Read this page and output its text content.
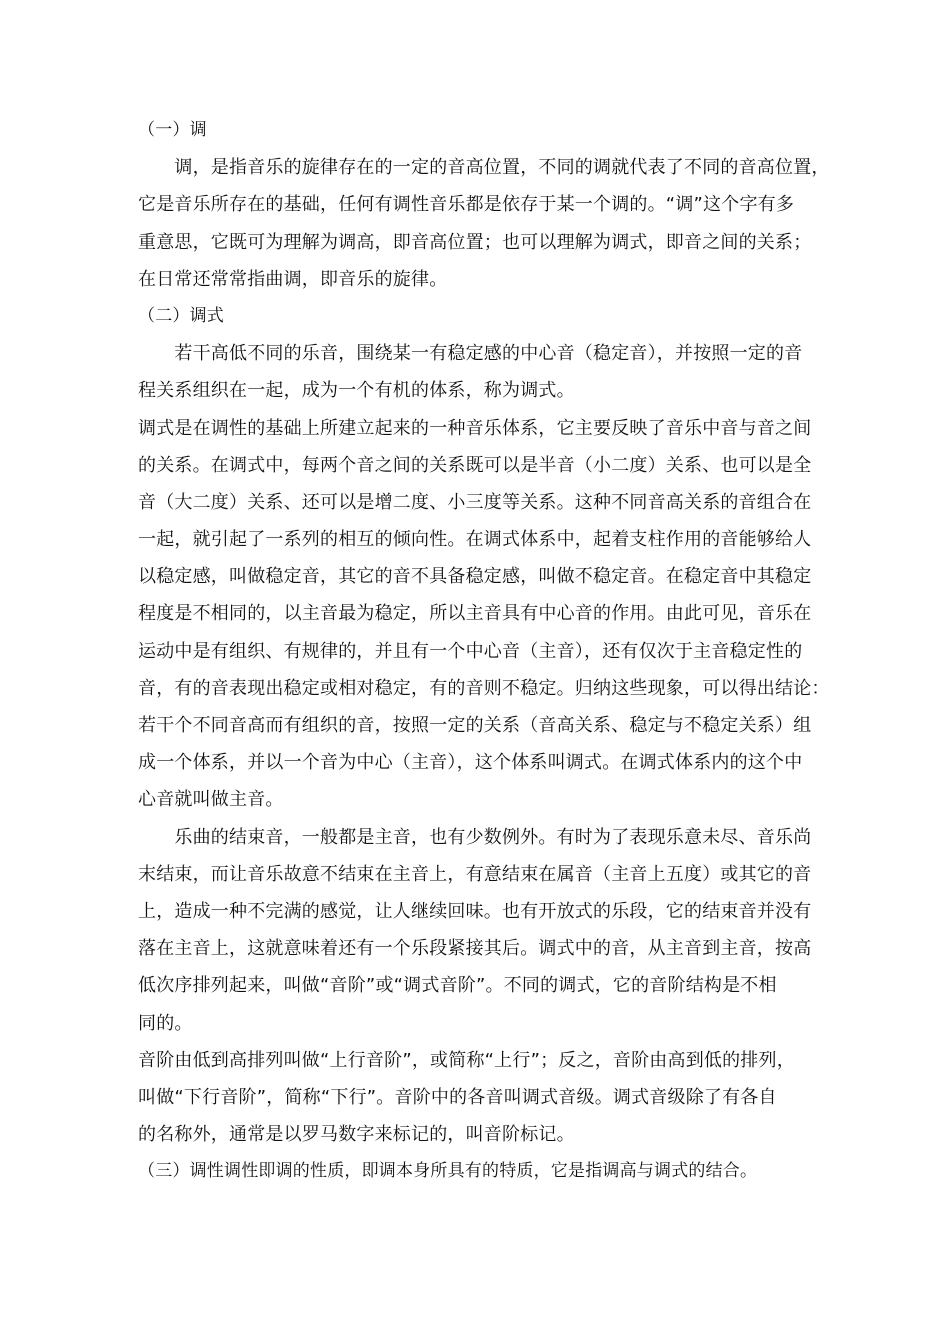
（一）调
　　调，是指音乐的旋律存在的一定的音高位置，不同的调就代表了不同的音高位置，
它是音乐所存在的基础，任何有调性音乐都是依存于某一个调的。“调”这个字有多
重意思，它既可为理解为调高，即音高位置；也可以理解为调式，即音之间的关系；
在日常还常常指曲调，即音乐的旋律。
（二）调式
　　若干高低不同的乐音，围绕某一有稳定感的中心音（稳定音），并按照一定的音
程关系组织在一起，成为一个有机的体系，称为调式。
调式是在调性的基础上所建立起来的一种音乐体系，它主要反映了音乐中音与音之间
的关系。在调式中，每两个音之间的关系既可以是半音（小二度）关系、也可以是全
音（大二度）关系、还可以是增二度、小三度等关系。这种不同音高关系的音组合在
一起，就引起了一系列的相互的倾向性。在调式体系中，起着支柱作用的音能够给人
以稳定感，叫做稳定音，其它的音不具备稳定感，叫做不稳定音。在稳定音中其稳定
程度是不相同的，以主音最为稳定，所以主音具有中心音的作用。由此可见，音乐在
运动中是有组织、有规律的，并且有一个中心音（主音），还有仅次于主音稳定性的
音，有的音表现出稳定或相对稳定，有的音则不稳定。归纳这些现象，可以得出结论：
若干个不同音高而有组织的音，按照一定的关系（音高关系、稳定与不稳定关系）组
成一个体系，并以一个音为中心（主音），这个体系叫调式。在调式体系内的这个中
心音就叫做主音。
　　乐曲的结束音，一般都是主音，也有少数例外。有时为了表现乐意未尽、音乐尚
末结束，而让音乐故意不结束在主音上，有意结束在属音（主音上五度）或其它的音
上，造成一种不完满的感觉，让人继续回味。也有开放式的乐段，它的结束音并没有
落在主音上，这就意味着还有一个乐段紧接其后。调式中的音，从主音到主音，按高
低次序排列起来，叫做“音阶”或“调式音阶”。不同的调式，它的音阶结构是不相
同的。
音阶由低到高排列叫做“上行音阶”，或简称“上行”；反之，音阶由高到低的排列，
叫做“下行音阶”，简称“下行”。音阶中的各音叫调式音级。调式音级除了有各自
的名称外，通常是以罗马数字来标记的，叫音阶标记。
（三）调性调性即调的性质，即调本身所具有的特质，它是指调高与调式的结合。
